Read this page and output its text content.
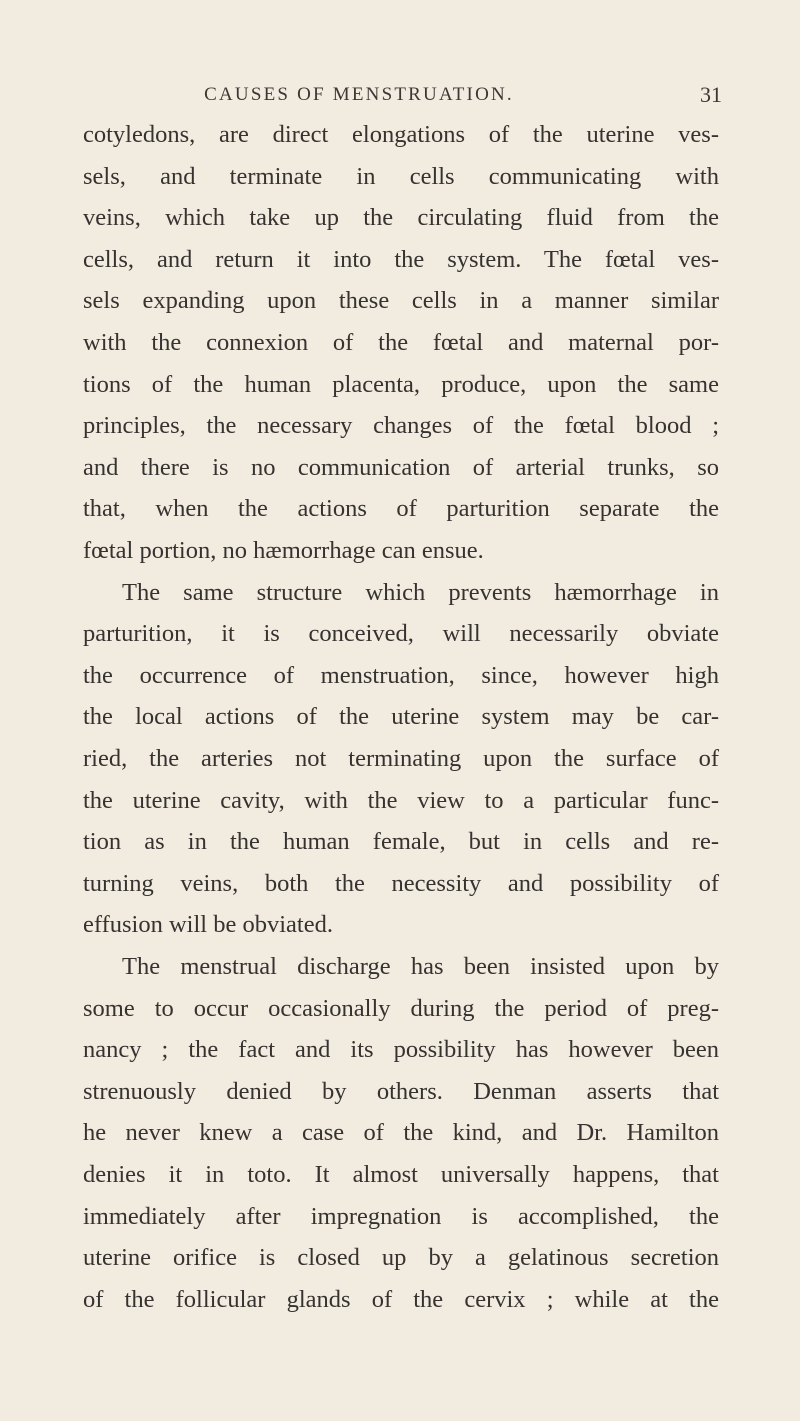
CAUSES OF MENSTRUATION.	31
cotyledons, are direct elongations of the uterine ves-
sels, and terminate in cells communicating with
veins, which take up the circulating fluid from the
cells, and return it into the system. The fœtal ves-
sels expanding upon these cells in a manner similar
with the connexion of the fœtal and maternal por-
tions of the human placenta, produce, upon the same
principles, the necessary changes of the fœtal blood ;
and there is no communication of arterial trunks, so
that, when the actions of parturition separate the
fœtal portion, no hæmorrhage can ensue.
The same structure which prevents hæmorrhage in
parturition, it is conceived, will necessarily obviate
the occurrence of menstruation, since, however high
the local actions of the uterine system may be car-
ried, the arteries not terminating upon the surface of
the uterine cavity, with the view to a particular func-
tion as in the human female, but in cells and re-
turning veins, both the necessity and possibility of
effusion will be obviated.
The menstrual discharge has been insisted upon by
some to occur occasionally during the period of preg-
nancy ; the fact and its possibility has however been
strenuously denied by others. Denman asserts that
he never knew a case of the kind, and Dr. Hamilton
denies it in toto. It almost universally happens, that
immediately after impregnation is accomplished, the
uterine orifice is closed up by a gelatinous secretion
of the follicular glands of the cervix ; while at the
